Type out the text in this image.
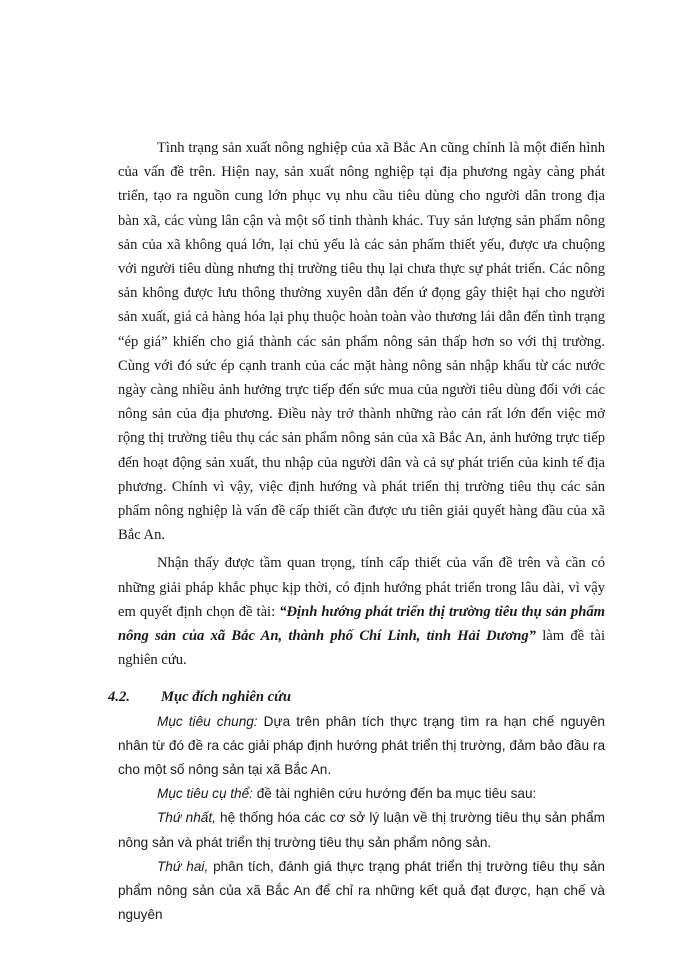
Tình trạng sản xuất nông nghiệp của xã Bắc An cũng chính là một điển hình của vấn đề trên. Hiện nay, sản xuất nông nghiệp tại địa phương ngày càng phát triển, tạo ra nguồn cung lớn phục vụ nhu cầu tiêu dùng cho người dân trong địa bàn xã, các vùng lân cận và một số tỉnh thành khác. Tuy sản lượng sản phẩm nông sản của xã không quá lớn, lại chủ yếu là các sản phẩm thiết yếu, được ưa chuộng với người tiêu dùng nhưng thị trường tiêu thụ lại chưa thực sự phát triển. Các nông sản không được lưu thông thường xuyên dẫn đến ứ đọng gây thiệt hại cho người sản xuất, giá cả hàng hóa lại phụ thuộc hoàn toàn vào thương lái dẫn đến tình trạng “ép giá” khiến cho giá thành các sản phẩm nông sản thấp hơn so với thị trường. Cùng với đó sức ép cạnh tranh của các mặt hàng nông sản nhập khẩu từ các nước ngày càng nhiều ảnh hưởng trực tiếp đến sức mua của người tiêu dùng đối với các nông sản của địa phương. Điều này trở thành những rào cản rất lớn đến việc mở rộng thị trường tiêu thụ các sản phẩm nông sản của xã Bắc An, ảnh hưởng trực tiếp đến hoạt động sản xuất, thu nhập của người dân và cả sự phát triển của kinh tế địa phương. Chính vì vậy, việc định hướng và phát triển thị trường tiêu thụ các sản phẩm nông nghiệp là vấn đề cấp thiết cần được ưu tiên giải quyết hàng đầu của xã Bắc An.

Nhận thấy được tầm quan trọng, tính cấp thiết của vấn đề trên và cần có những giải pháp khắc phục kịp thời, có định hướng phát triển trong lâu dài, vì vậy em quyết định chọn đề tài: “Định hướng phát triển thị trường tiêu thụ sản phẩm nông sản của xã Bắc An, thành phố Chí Linh, tỉnh Hải Dương” làm đề tài nghiên cứu.

4.2. Mục đích nghiên cứu

Mục tiêu chung: Dựa trên phân tích thực trạng tìm ra hạn chế nguyên nhân từ đó đề ra các giải pháp định hướng phát triển thị trường, đảm bảo đầu ra cho một số nông sản tại xã Bắc An.

Mục tiêu cụ thể: đề tài nghiên cứu hướng đến ba mục tiêu sau:

Thứ nhất, hệ thống hóa các cơ sở lý luận về thị trường tiêu thụ sản phẩm nông sản và phát triển thị trường tiêu thụ sản phẩm nông sản.

Thứ hai, phân tích, đánh giá thực trạng phát triển thị trường tiêu thụ sản phẩm nông sản của xã Bắc An để chỉ ra những kết quả đạt được, hạn chế và nguyên
